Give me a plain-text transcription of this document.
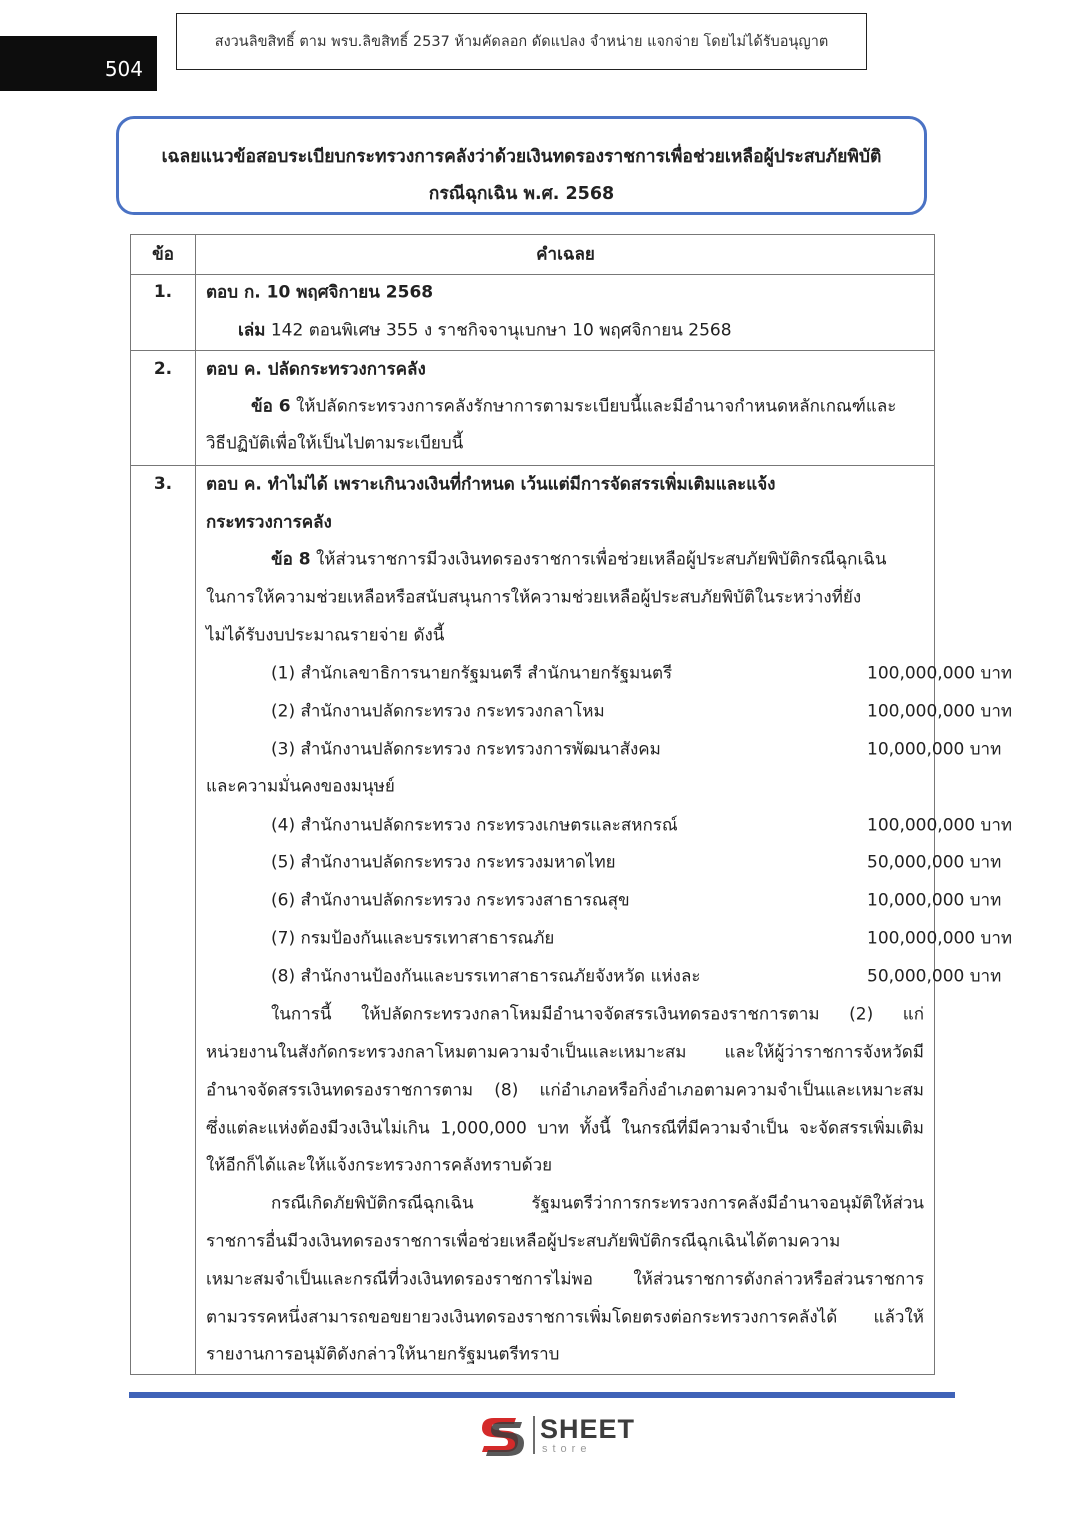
504
สงวนลิขสิทธิ์ ตาม พรบ.ลิขสิทธิ์ 2537 ห้ามคัดลอก ดัดแปลง จำหน่าย แจกจ่าย โดยไม่ได้รับอนุญาต
เฉลยแนวข้อสอบระเบียบกระทรวงการคลังว่าด้วยเงินทดรองราชการเพื่อช่วยเหลือผู้ประสบภัยพิบัติ
กรณีฉุกเฉิน พ.ศ. 2568
ข้อ	คำเฉลย
1.	ตอบ ก. 10 พฤศจิกายน 2568
เล่ม 142 ตอนพิเศษ 355 ง ราชกิจจานุเบกษา 10 พฤศจิกายน 2568
2.	ตอบ ค. ปลัดกระทรวงการคลัง
ข้อ 6 ให้ปลัดกระทรวงการคลังรักษาการตามระเบียบนี้และมีอำนาจกำหนดหลักเกณฑ์และ
วิธีปฏิบัติเพื่อให้เป็นไปตามระเบียบนี้
3.	ตอบ ค. ทำไม่ได้ เพราะเกินวงเงินที่กำหนด เว้นแต่มีการจัดสรรเพิ่มเติมและแจ้ง
กระทรวงการคลัง
ข้อ 8 ให้ส่วนราชการมีวงเงินทดรองราชการเพื่อช่วยเหลือผู้ประสบภัยพิบัติกรณีฉุกเฉิน
ในการให้ความช่วยเหลือหรือสนับสนุนการให้ความช่วยเหลือผู้ประสบภัยพิบัติในระหว่างที่ยัง
ไม่ได้รับงบประมาณรายจ่าย ดังนี้
(1) สำนักเลขาธิการนายกรัฐมนตรี สำนักนายกรัฐมนตรี	100,000,000 บาท
(2) สำนักงานปลัดกระทรวง กระทรวงกลาโหม	100,000,000 บาท
(3) สำนักงานปลัดกระทรวง กระทรวงการพัฒนาสังคม	10,000,000 บาท
และความมั่นคงของมนุษย์
(4) สำนักงานปลัดกระทรวง กระทรวงเกษตรและสหกรณ์	100,000,000 บาท
(5) สำนักงานปลัดกระทรวง กระทรวงมหาดไทย	50,000,000 บาท
(6) สำนักงานปลัดกระทรวง กระทรวงสาธารณสุข	10,000,000 บาท
(7) กรมป้องกันและบรรเทาสาธารณภัย	100,000,000 บาท
(8) สำนักงานป้องกันและบรรเทาสาธารณภัยจังหวัด แห่งละ	50,000,000 บาท
ในการนี้ ให้ปลัดกระทรวงกลาโหมมีอำนาจจัดสรรเงินทดรองราชการตาม (2) แก่
หน่วยงานในสังกัดกระทรวงกลาโหมตามความจำเป็นและเหมาะสม และให้ผู้ว่าราชการจังหวัดมี
อำนาจจัดสรรเงินทดรองราชการตาม (8) แก่อำเภอหรือกิ่งอำเภอตามความจำเป็นและเหมาะสม
ซึ่งแต่ละแห่งต้องมีวงเงินไม่เกิน 1,000,000 บาท ทั้งนี้ ในกรณีที่มีความจำเป็น จะจัดสรรเพิ่มเติม
ให้อีกก็ได้และให้แจ้งกระทรวงการคลังทราบด้วย
กรณีเกิดภัยพิบัติกรณีฉุกเฉิน รัฐมนตรีว่าการกระทรวงการคลังมีอำนาจอนุมัติให้ส่วน
ราชการอื่นมีวงเงินทดรองราชการเพื่อช่วยเหลือผู้ประสบภัยพิบัติกรณีฉุกเฉินได้ตามความ
เหมาะสมจำเป็นและกรณีที่วงเงินทดรองราชการไม่พอ ให้ส่วนราชการดังกล่าวหรือส่วนราชการ
ตามวรรคหนึ่งสามารถขอขยายวงเงินทดรองราชการเพิ่มโดยตรงต่อกระทรวงการคลังได้ แล้วให้
รายงานการอนุมัติดังกล่าวให้นายกรัฐมนตรีทราบ
SHEET
store
